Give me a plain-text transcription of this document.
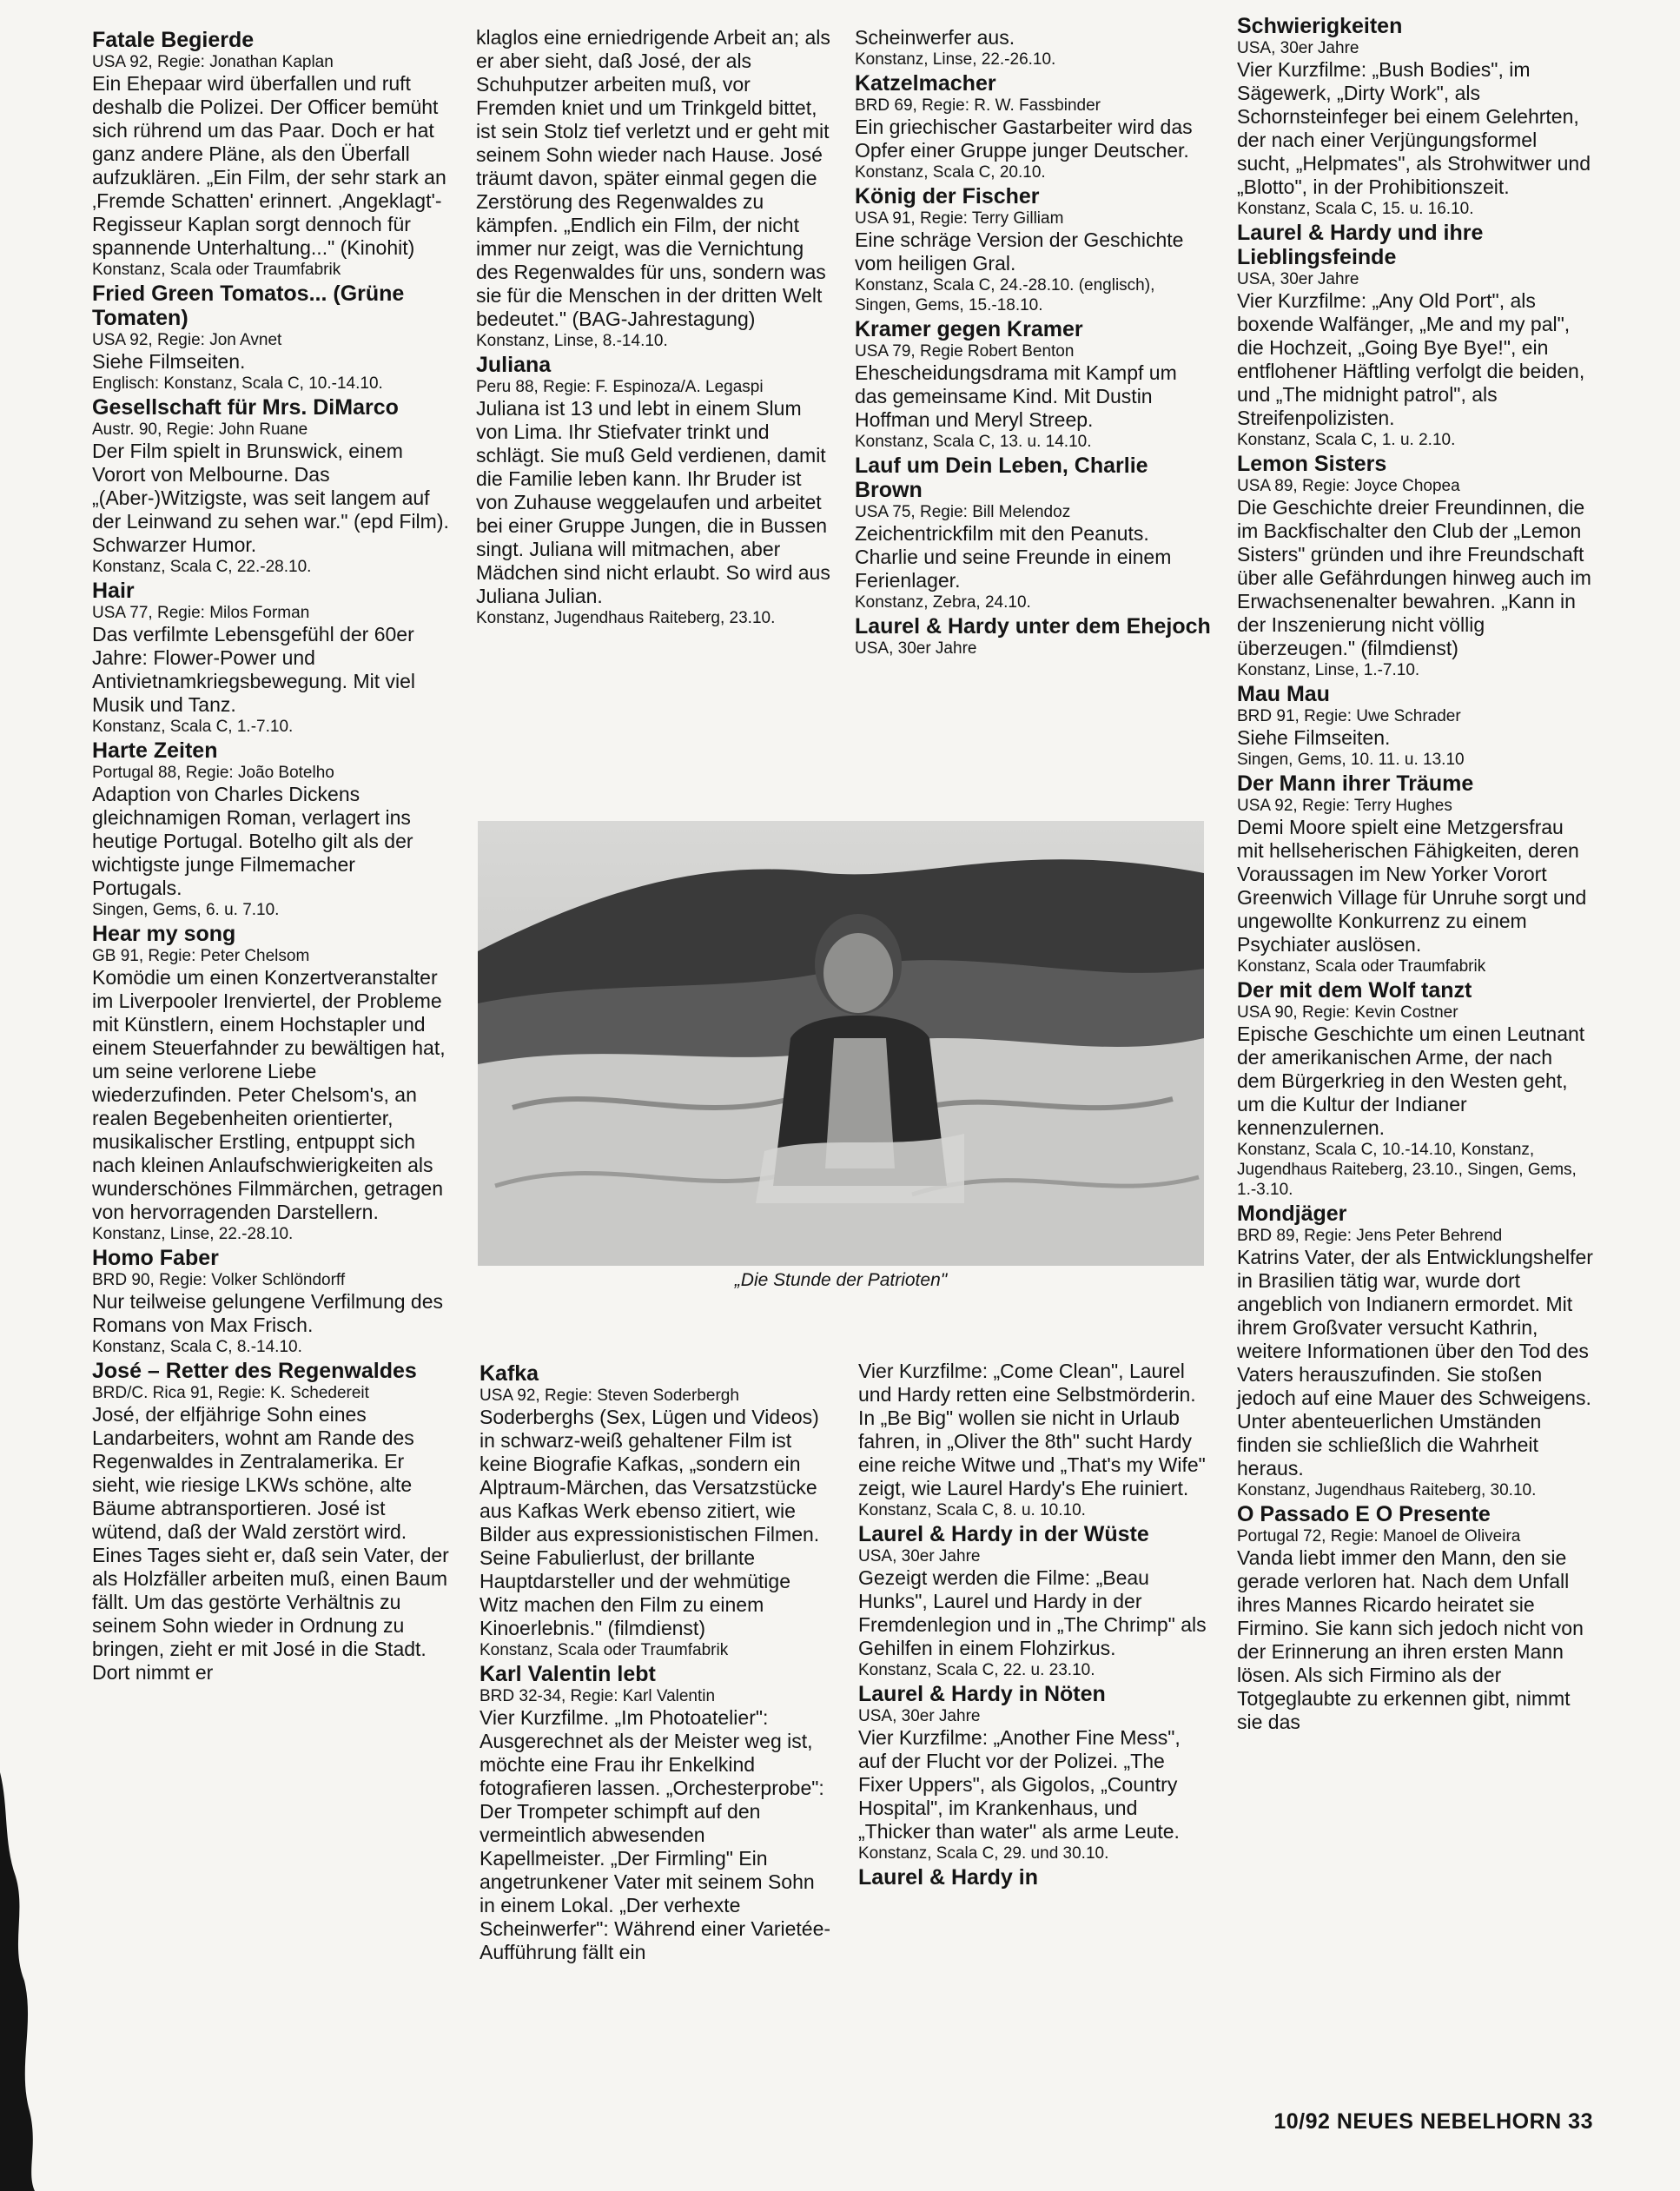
Fatale Begierde
USA 92, Regie: Jonathan Kaplan
Ein Ehepaar wird überfallen und ruft deshalb die Polizei. Der Officer bemüht sich rührend um das Paar. Doch er hat ganz andere Pläne, als den Überfall aufzuklären. „Ein Film, der sehr stark an ‚Fremde Schatten' erinnert. ‚Angeklagt'-Regisseur Kaplan sorgt dennoch für spannende Unterhaltung..." (Kinohit)
Konstanz, Scala oder Traumfabrik
Fried Green Tomatos... (Grüne Tomaten)
USA 92, Regie: Jon Avnet
Siehe Filmseiten.
Englisch: Konstanz, Scala C, 10.-14.10.
Gesellschaft für Mrs. DiMarco
Austr. 90, Regie: John Ruane
Der Film spielt in Brunswick, einem Vorort von Melbourne. Das „(Aber-)Witzigste, was seit langem auf der Leinwand zu sehen war." (epd Film). Schwarzer Humor.
Konstanz, Scala C, 22.-28.10.
Hair
USA 77, Regie: Milos Forman
Das verfilmte Lebensgefühl der 60er Jahre: Flower-Power und Antivietnamkriegsbewegung. Mit viel Musik und Tanz.
Konstanz, Scala C, 1.-7.10.
Harte Zeiten
Portugal 88, Regie: João Botelho
Adaption von Charles Dickens gleichnamigen Roman, verlagert ins heutige Portugal. Botelho gilt als der wichtigste junge Filmemacher Portugals.
Singen, Gems, 6. u. 7.10.
Hear my song
GB 91, Regie: Peter Chelsom
Komödie um einen Konzertveranstalter im Liverpooler Irenviertel, der Probleme mit Künstlern, einem Hochstapler und einem Steuerfahnder zu bewältigen hat, um seine verlorene Liebe wiederzufinden. Peter Chelsom's, an realen Begebenheiten orientierter, musikalischer Erstling, entpuppt sich nach kleinen Anlaufschwierigkeiten als wunderschönes Filmmärchen, getragen von hervorragenden Darstellern.
Konstanz, Linse, 22.-28.10.
Homo Faber
BRD 90, Regie: Volker Schlöndorff
Nur teilweise gelungene Verfilmung des Romans von Max Frisch.
Konstanz, Scala C, 8.-14.10.
José – Retter des Regenwaldes
BRD/C. Rica 91, Regie: K. Schedereit
José, der elfjährige Sohn eines Landarbeiters, wohnt am Rande des Regenwaldes in Zentralamerika. Er sieht, wie riesige LKWs schöne, alte Bäume abtransportieren. José ist wütend, daß der Wald zerstört wird. Eines Tages sieht er, daß sein Vater, der als Holzfäller arbeiten muß, einen Baum fällt. Um das gestörte Verhältnis zu seinem Sohn wieder in Ordnung zu bringen, zieht er mit José in die Stadt. Dort nimmt er
klaglos eine erniedrigende Arbeit an; als er aber sieht, daß José, der als Schuhputzer arbeiten muß, vor Fremden kniet und um Trinkgeld bittet, ist sein Stolz tief verletzt und er geht mit seinem Sohn wieder nach Hause. José träumt davon, später einmal gegen die Zerstörung des Regenwaldes zu kämpfen. „Endlich ein Film, der nicht immer nur zeigt, was die Vernichtung des Regenwaldes für uns, sondern was sie für die Menschen in der dritten Welt bedeutet." (BAG-Jahrestagung)
Konstanz, Linse, 8.-14.10.
Juliana
Peru 88, Regie: F. Espinoza/A. Legaspi
Juliana ist 13 und lebt in einem Slum von Lima. Ihr Stiefvater trinkt und schlägt. Sie muß Geld verdienen, damit die Familie leben kann. Ihr Bruder ist von Zuhause weggelaufen und arbeitet bei einer Gruppe Jungen, die in Bussen singt. Juliana will mitmachen, aber Mädchen sind nicht erlaubt. So wird aus Juliana Julian.
Konstanz, Jugendhaus Raiteberg, 23.10.
Scheinwerfer aus.
Konstanz, Linse, 22.-26.10.
Katzelmacher
BRD 69, Regie: R. W. Fassbinder
Ein griechischer Gastarbeiter wird das Opfer einer Gruppe junger Deutscher.
Konstanz, Scala C, 20.10.
König der Fischer
USA 91, Regie: Terry Gilliam
Eine schräge Version der Geschichte vom heiligen Gral.
Konstanz, Scala C, 24.-28.10. (englisch), Singen, Gems, 15.-18.10.
Kramer gegen Kramer
USA 79, Regie Robert Benton
Ehescheidungsdrama mit Kampf um das gemeinsame Kind. Mit Dustin Hoffman und Meryl Streep.
Konstanz, Scala C, 13. u. 14.10.
Lauf um Dein Leben, Charlie Brown
USA 75, Regie: Bill Melendoz
Zeichentrickfilm mit den Peanuts. Charlie und seine Freunde in einem Ferienlager.
Konstanz, Zebra, 24.10.
Laurel & Hardy unter dem Ehejoch
USA, 30er Jahre
Schwierigkeiten
USA, 30er Jahre
Vier Kurzfilme: „Bush Bodies", im Sägewerk, „Dirty Work", als Schornsteinfeger bei einem Gelehrten, der nach einer Verjüngungsformel sucht, „Helpmates", als Strohwitwer und „Blotto", in der Prohibitionszeit.
Konstanz, Scala C, 15. u. 16.10.
Laurel & Hardy und ihre Lieblingsfeinde
USA, 30er Jahre
Vier Kurzfilme: „Any Old Port", als boxende Walfänger, „Me and my pal", die Hochzeit, „Going Bye Bye!", ein entflohener Häftling verfolgt die beiden, und „The midnight patrol", als Streifenpolizisten.
Konstanz, Scala C, 1. u. 2.10.
Lemon Sisters
USA 89, Regie: Joyce Chopea
Die Geschichte dreier Freundinnen, die im Backfischalter den Club der „Lemon Sisters" gründen und ihre Freundschaft über alle Gefährdungen hinweg auch im Erwachsenenalter bewahren. „Kann in der Inszenierung nicht völlig überzeugen." (filmdienst)
Konstanz, Linse, 1.-7.10.
Mau Mau
BRD 91, Regie: Uwe Schrader
Siehe Filmseiten.
Singen, Gems, 10. 11. u. 13.10
Der Mann ihrer Träume
USA 92, Regie: Terry Hughes
Demi Moore spielt eine Metzgersfrau mit hellseherischen Fähigkeiten, deren Voraussagen im New Yorker Vorort Greenwich Village für Unruhe sorgt und ungewollte Konkurrenz zu einem Psychiater auslösen.
Konstanz, Scala oder Traumfabrik
Der mit dem Wolf tanzt
USA 90, Regie: Kevin Costner
Epische Geschichte um einen Leutnant der amerikanischen Arme, der nach dem Bürgerkrieg in den Westen geht, um die Kultur der Indianer kennenzulernen.
Konstanz, Scala C, 10.-14.10, Konstanz, Jugendhaus Raiteberg, 23.10., Singen, Gems, 1.-3.10.
Mondjäger
BRD 89, Regie: Jens Peter Behrend
Katrins Vater, der als Entwicklungshelfer in Brasilien tätig war, wurde dort angeblich von Indianern ermordet. Mit ihrem Großvater versucht Kathrin, weitere Informationen über den Tod des Vaters herauszufinden. Sie stoßen jedoch auf eine Mauer des Schweigens. Unter abenteuerlichen Umständen finden sie schließlich die Wahrheit heraus.
Konstanz, Jugendhaus Raiteberg, 30.10.
O Passado E O Presente
Portugal 72, Regie: Manoel de Oliveira
Vanda liebt immer den Mann, den sie gerade verloren hat. Nach dem Unfall ihres Mannes Ricardo heiratet sie Firmino. Sie kann sich jedoch nicht von der Erinnerung an ihren ersten Mann lösen. Als sich Firmino als der Totgeglaubte zu erkennen gibt, nimmt sie das
„Die Stunde der Patrioten"
Kafka
USA 92, Regie: Steven Soderbergh
Soderberghs (Sex, Lügen und Videos) in schwarz-weiß gehaltener Film ist keine Biografie Kafkas, „sondern ein Alptraum-Märchen, das Versatzstücke aus Kafkas Werk ebenso zitiert, wie Bilder aus expressionistischen Filmen. Seine Fabulierlust, der brillante Hauptdarsteller und der wehmütige Witz machen den Film zu einem Kinoerlebnis." (filmdienst)
Konstanz, Scala oder Traumfabrik
Karl Valentin lebt
BRD 32-34, Regie: Karl Valentin
Vier Kurzfilme. „Im Photoatelier": Ausgerechnet als der Meister weg ist, möchte eine Frau ihr Enkelkind fotografieren lassen. „Orchesterprobe": Der Trompeter schimpft auf den vermeintlich abwesenden Kapellmeister. „Der Firmling" Ein angetrunkener Vater mit seinem Sohn in einem Lokal. „Der verhexte Scheinwerfer": Während einer Varietée-Aufführung fällt ein
Vier Kurzfilme: „Come Clean", Laurel und Hardy retten eine Selbstmörderin. In „Be Big" wollen sie nicht in Urlaub fahren, in „Oliver the 8th" sucht Hardy eine reiche Witwe und „That's my Wife" zeigt, wie Laurel Hardy's Ehe ruiniert.
Konstanz, Scala C, 8. u. 10.10.
Laurel & Hardy in der Wüste
USA, 30er Jahre
Gezeigt werden die Filme: „Beau Hunks", Laurel und Hardy in der Fremdenlegion und in „The Chrimp" als Gehilfen in einem Flohzirkus.
Konstanz, Scala C, 22. u. 23.10.
Laurel & Hardy in Nöten
USA, 30er Jahre
Vier Kurzfilme: „Another Fine Mess", auf der Flucht vor der Polizei. „The Fixer Uppers", als Gigolos, „Country Hospital", im Krankenhaus, und „Thicker than water" als arme Leute.
Konstanz, Scala C, 29. und 30.10.
Laurel & Hardy in
10/92 NEUES NEBELHORN 33
